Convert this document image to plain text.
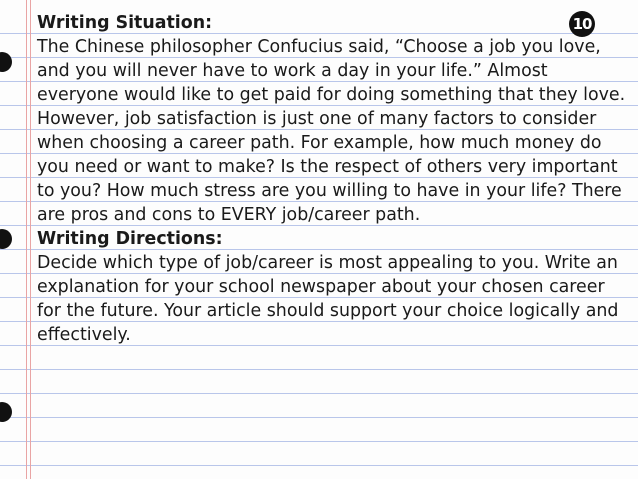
10

Writing Situation:

The Chinese philosopher Confucius said, “Choose a job you love, and you will never have to work a day in your life.” Almost everyone would like to get paid for doing something that they love. However, job satisfaction is just one of many factors to consider when choosing a career path. For example, how much money do you need or want to make? Is the respect of others very important to you? How much stress are you willing to have in your life? There are pros and cons to EVERY job/career path.

Writing Directions:

Decide which type of job/career is most appealing to you. Write an explanation for your school newspaper about your chosen career for the future. Your article should support your choice logically and effectively.
